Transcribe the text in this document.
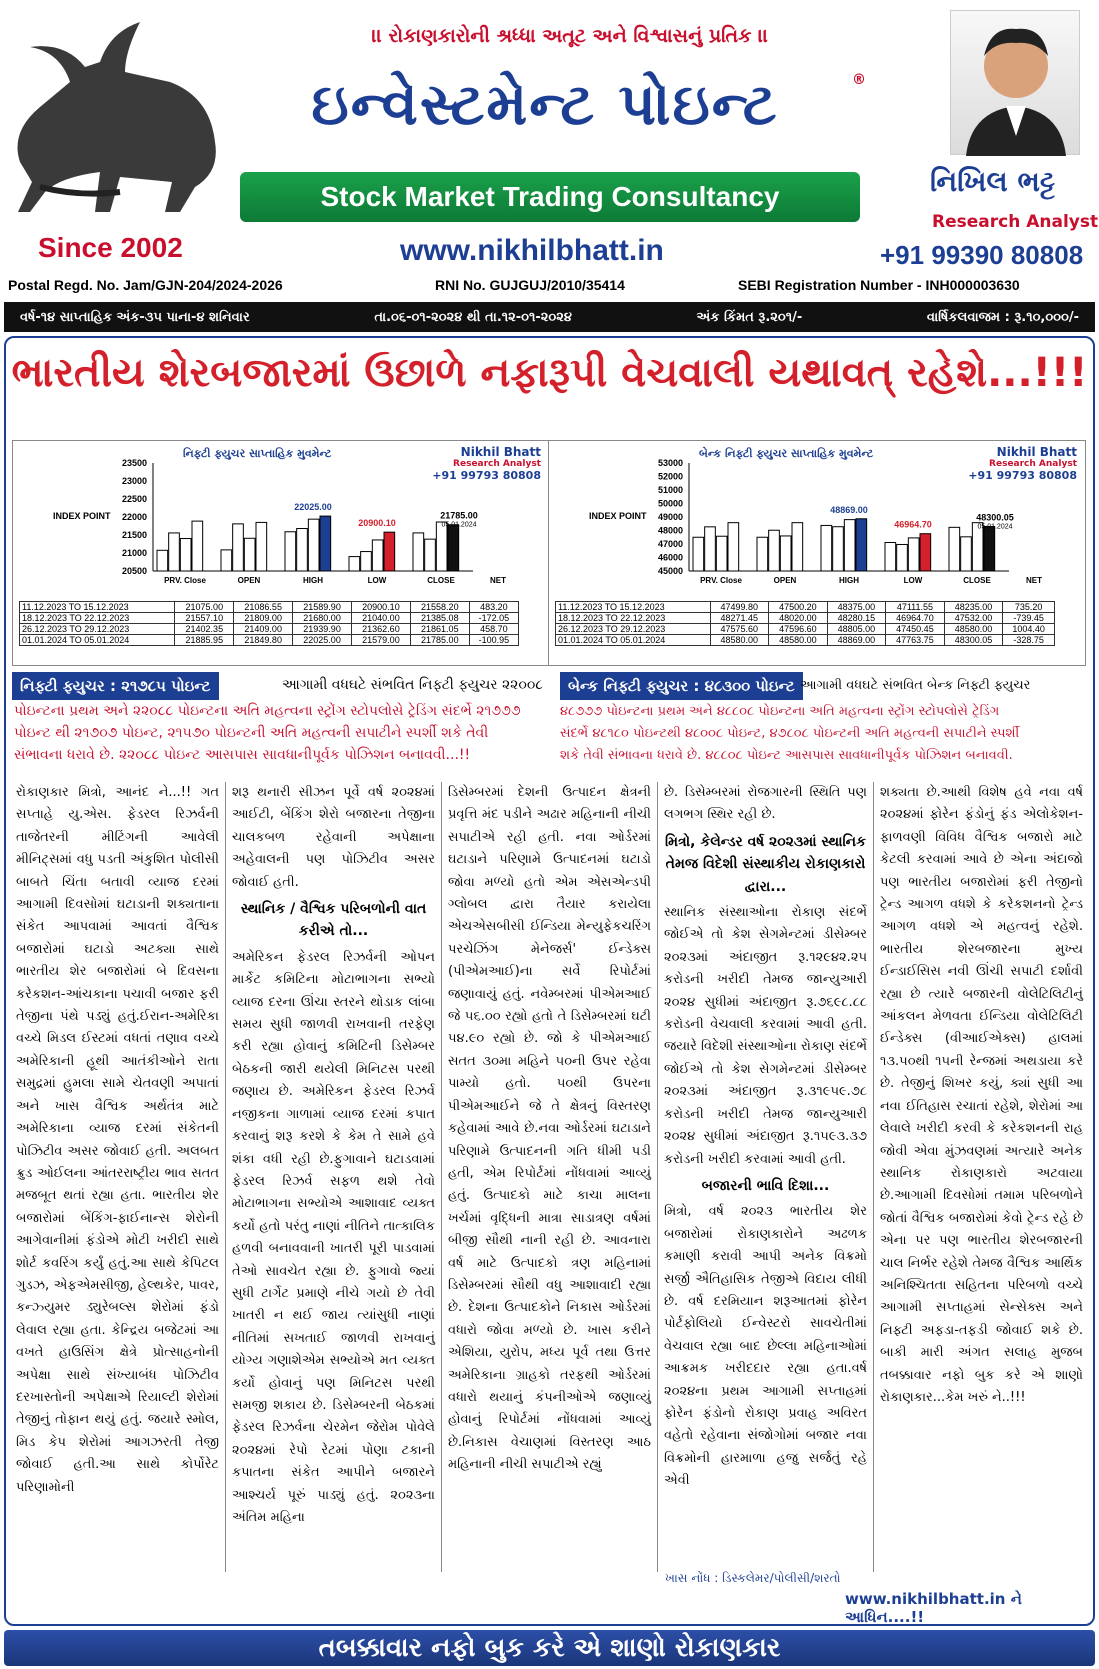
।। રોકાણકારોની શ્રધ્ધા અતૂટ અને વિશ્વાસનું પ્રતિક ।।
ઇન્વેસ્ટમેન્ટ પોઇન્ટ	®
Stock Market Trading Consultancy
www.nikhilbhatt.in
Since 2002
નિખિલ ભટ્ટ
Research Analyst
+91 99390 80808
Postal Regd. No. Jam/GJN-204/2024-2026	RNI No. GUJGUJ/2010/35414	SEBI Registration Number - INH000003630
વર્ષ-૧૪ સાપ્તાહિક અંક-૩૫ પાના-૪ શનિવાર	તા.૦૬-૦૧-૨૦૨૪ થી તા.૧૨-૦૧-૨૦૨૪	અંક કિંમત રૂ.૨૦૧/-	વાર્ષિકલવાજમ : રૂ.૧૦,૦૦૦/-
ભારતીય શેરબજારમાં ઉછાળે નફારૂપી વેચવાલી યથાવત્ રહેશે...!!!
નિફ્ટી ફ્યુચર સાપ્તાહિક મુવમેન્ટ	Nikhil Bhatt
Research Analyst
+91 99793 80808
23500
23000
22500
22000
21500
21000
20500
INDEX POINT
PRV. Close	OPEN	HIGH	LOW	CLOSE	NET
22025.00
20900.10
21785.00
05.01.2024
11.12.2023 TO 15.12.2023	21075.00	21086.55	21589.90	20900.10	21558.20	483.20
18.12.2023 TO 22.12.2023	21557.10	21809.00	21680.00	21040.00	21385.08	-172.05
26.12.2023 TO 29.12.2023	21402.35	21409.00	21939.90	21362.60	21861.05	458.70
01.01.2024 TO 05.01.2024	21885.95	21849.80	22025.00	21579.00	21785.00	-100.95
બેન્ક નિફ્ટી ફ્યુચર સાપ્તાહિક મુવમેન્ટ	Nikhil Bhatt
Research Analyst
+91 99793 80808
53000
52000
51000
50000
49000
48000
47000
46000
45000
INDEX POINT
PRV. Close	OPEN	HIGH	LOW	CLOSE	NET
48869.00
46964.70
48300.05
05.01.2024
11.12.2023 TO 15.12.2023	47499.80	47500.20	48375.00	47111.55	48235.00	735.20
18.12.2023 TO 22.12.2023	48271.45	48020.00	48280.15	46964.70	47532.00	-739.45
26.12.2023 TO 29.12.2023	47575.60	47596.60	48805.00	47450.45	48580.00	1004.40
01.01.2024 TO 05.01.2024	48580.00	48580.00	48869.00	47763.75	48300.05	-328.75
નિફ્ટી ફ્યુચર : ૨૧૭૮૫ પોઇન્ટ	આગામી વધઘટે સંભવિત નિફ્ટી ફ્યુચર ૨૨૦૦૮
પોઇન્ટના પ્રથમ અને ૨૨૦૮૮ પોઇન્ટના અતિ મહત્વના સ્ટ્રોંગ સ્ટોપલોસે ટ્રેડિંગ સંદર્ભે ૨૧૭૭૭
પોઇન્ટ થી ૨૧૭૦૭ પોઇન્ટ, ૨૧૫૭૦ પોઇન્ટની અતિ મહત્વની સપાટીને સ્પર્શી શકે તેવી
સંભાવના ધરાવે છે. ૨૨૦૮૮ પોઇન્ટ આસપાસ સાવધાનીપૂર્વક પોઝિશન બનાવવી...!!
બેન્ક નિફ્ટી ફ્યુચર : ૪૮૩૦૦ પોઇન્ટ આગામી વધઘટે સંભવિત બેન્ક નિફ્ટી ફ્યુચર
૪૮૭૭૭ પોઇન્ટના પ્રથમ અને ૪૮૮૦૮ પોઇન્ટના અતિ મહત્વના સ્ટ્રોંગ સ્ટોપલોસે ટ્રેડિંગ
સંદર્ભે ૪૮૧૮૦ પોઇન્ટથી ૪૮૦૦૮ પોઇન્ટ, ૪૭૮૦૮ પોઇન્ટની અતિ મહત્વની સપાટીને સ્પર્શી
શકે તેવી સંભાવના ધરાવે છે. ૪૮૮૦૮ પોઇન્ટ આસપાસ સાવધાનીપૂર્વક પોઝિશન બનાવવી.

રોકાણકાર મિત્રો, આનંદ ને...!! ગત સપ્તાહે યુ.એસ. ફેડરલ રિઝર્વની તાજેતરની મીટિંગની આવેલી મીનિટ્સમાં વધુ પડતી અંકુશિત પોલીસી બાબતે ચિંતા બતાવી વ્યાજ દરમાં આગામી દિવસોમાં ઘટાડાની શક્યતાના સંકેત આપવામાં આવતાં વૈશ્વિક બજારોમાં ઘટાડો અટક્યા સાથે ભારતીય શેર બજારોમાં બે દિવસના કરેકશન-આંચકાના પચાવી બજાર ફરી તેજીના પંથે પડ્યું હતું.ઈરાન-અમેરિકા વચ્ચે મિડલ ઈસ્ટમાં વધતાં તણાવ વચ્ચે અમેરિકાની હૂથી આતંકીઓને રાતા સમુદ્રમાં હુમલા સામે ચેતવણી અપાતાં અને ખાસ વૈશ્વિક અર્થતંત્ર માટે અમેરિકાના વ્યાજ દરમાં સંકેતની પોઝિટીવ અસર જોવાઈ હતી. અલબત ક્રુડ ઓઈલના આંતરરાષ્ટ્રીય ભાવ સતત મજબૂત થતાં રહ્યા હતા. ભારતીય શેર બજારોમાં બેંકિંગ-ફાઈનાન્સ શેરોની આગેવાનીમાં ફંડોએ મોટી ખરીદી સાથે શોર્ટ કવરિંગ કર્યું હતું.આ સાથે કેપિટલ ગુડઝ, એફએમસીજી, હેલ્થકેર, પાવર, કન્ઝ્યુમર ડ્યુરેબલ્સ શેરોમાં ફંડો લેવાલ રહ્યા હતા. કેન્દ્રિય બજેટમાં આ વખતે હાઉસિંગ ક્ષેત્રે પ્રોત્સાહનોની અપેક્ષા સાથે સંખ્યાબંધ પોઝિટીવ દરખાસ્તોની અપેક્ષાએ રિયાલ્ટી શેરોમાં તેજીનું તોફાન થયું હતું. જયારે સ્મોલ, મિડ કેપ શેરોમાં આગઝરતી તેજી જોવાઈ હતી.આ સાથે કોર્પોરેટ પરિણામોની

શરૂ થનારી સીઝન પૂર્વે વર્ષ ૨૦૨૪માં આઈટી, બેંકિંગ શેરો બજારના તેજીના ચાલકબળ રહેવાની અપેક્ષાના અહેવાલની પણ પોઝિટીવ અસર જોવાઈ હતી.

સ્થાનિક / વૈશ્વિક પરિબળોની વાત કરીએ તો...

અમેરિકન ફેડરલ રિઝર્વની ઓપન માર્કેટ કમિટિના મોટાભાગના સભ્યો વ્યાજ દરના ઊંચા સ્તરને થોડાક લાંબા સમય સુધી જાળવી રાખવાની તરફેણ કરી રહ્યા હોવાનું કમિટિની ડિસેમ્બર બેઠકની જારી થયેલી મિનિટસ પરથી જણાય છે. અમેરિકન ફેડરલ રિઝર્વ નજીકના ગાળામાં વ્યાજ દરમાં કપાત કરવાનું શરૂ કરશે કે કેમ તે સામે હવે શંકા વધી રહી છે.ફુગાવાને ઘટાડવામાં ફેડરલ રિઝર્વ સફળ થશે તેવો મોટાભાગના સભ્યોએ આશાવાદ વ્યક્ત કર્યો હતો પરંતુ નાણાં નીતિને તાત્કાલિક હળવી બનાવવાની ખાતરી પૂરી પાડવામાં તેઓ સાવચેત રહ્યા છે. ફુગાવો જ્યાં સુધી ટાર્ગેટ પ્રમાણે નીચે ગયો છે તેવી ખાતરી ન થઈ જાય ત્યાંસુધી નાણાં નીતિમાં સખતાઈ જાળવી રાખવાનું યોગ્ય ગણાશેએમ સભ્યોએ મત વ્યક્ત કર્યો હોવાનું પણ મિનિટસ પરથી સમજી શકાય છે. ડિસેમ્બરની બેઠકમાં ફેડરલ રિઝર્વના ચેરમેન જેરોમ પોવેલે ૨૦૨૪માં રેપો રેટમાં પોણા ટકાની કપાતના સંકેત આપીને બજારને આશ્ચર્ય પૂરું પાડ્યું હતું. ૨૦૨૩ના અંતિમ મહિના

ડિસેમ્બરમાં દેશની ઉત્પાદન ક્ષેત્રની પ્રવૃત્તિ મંદ પડીને અઢાર મહિનાની નીચી સપાટીએ રહી હતી. નવા ઓર્ડરમાં ઘટાડાને પરિણામે ઉત્પાદનમાં ઘટાડો જોવા મળ્યો હતો એમ એસએન્ડપી ગ્લોબલ દ્વારા તૈયાર કરાયેલા એચએસબીસી ઈન્ડિયા મેન્યુફેકચરિંગ પરચેઝિંગ મેનેજર્સ' ઈન્ડેક્સ (પીએમઆઈ)ના સર્વે રિપોર્ટમાં જણાવાયું હતું. નવેમ્બરમાં પીએમઆઈ જે ૫૬.૦૦ રહ્યો હતો તે ડિસેમ્બરમાં ઘટી ૫૪.૯૦ રહ્યો છે. જો કે પીએમઆઈ સતત ૩૦મા મહિને ૫૦ની ઉપર રહેવા પામ્યો હતો. ૫૦થી ઉપરના પીએમઆઈને જે તે ક્ષેત્રનું વિસ્તરણ કહેવામાં આવે છે.નવા ઓર્ડરમાં ઘટાડાને પરિણામે ઉત્પાદનની ગતિ ધીમી પડી હતી, એમ રિપોર્ટમાં નોંધવામાં આવ્યું હતું. ઉત્પાદકો માટે કાચા માલના ખર્ચમાં વૃદ્ધિની માત્રા સાડાત્રણ વર્ષમાં બીજી સૌથી નાની રહી છે. આવનારા વર્ષ માટે ઉત્પાદકો ત્રણ મહિનામાં ડિસેમ્બરમાં સૌથી વધુ આશાવાદી રહ્યા છે. દેશના ઉત્પાદકોને નિકાસ ઓર્ડરમાં વધારો જોવા મળ્યો છે. ખાસ કરીને એશિયા, યુરોપ, મધ્ય પૂર્વ તથા ઉત્તર અમેરિકાના ગ્રાહકો તરફથી ઓર્ડરમાં વધારો થયાનું કંપનીઓએ જણાવ્યું હોવાનું રિપોર્ટમાં નોંધવામાં આવ્યું છે.નિકાસ વેચાણમાં વિસ્તરણ આઠ મહિનાની નીચી સપાટીએ રહ્યું

છે. ડિસેમ્બરમાં રોજગારની સ્થિતિ પણ લગભગ સ્થિર રહી છે.

મિત્રો, કેલેન્ડર વર્ષ ૨૦૨૩માં સ્થાનિક તેમજ વિદેશી સંસ્થાકીય રોકાણકારો દ્વારા...

સ્થાનિક સંસ્થાઓના રોકાણ સંદર્ભે જોઈએ તો કેશ સેગમેન્ટમાં ડીસેમ્બર ૨૦૨૩માં અંદાજીત રૂ.૧૨૯૪૨.૨૫ કરોડની ખરીદી તેમજ જાન્યુઆરી ૨૦૨૪ સુધીમાં અંદાજીત રૂ.૭૬૯૮.૮૮ કરોડની વેચવાલી કરવામાં આવી હતી. જયારે વિદેશી સંસ્થાઓના રોકાણ સંદર્ભે જોઈએ તો કેશ સેગમેન્ટમાં ડીસેમ્બર ૨૦૨૩માં અંદાજીત રૂ.૩૧૯૫૯.૭૮ કરોડની ખરીદી તેમજ જાન્યુઆરી ૨૦૨૪ સુધીમાં અંદાજીત રૂ.૧૫૯૩.૩૭ કરોડની ખરીદી કરવામાં આવી હતી.

બજારની ભાવિ દિશા...

મિત્રો, વર્ષ ૨૦૨૩ ભારતીય શેર બજારોમાં રોકાણકારોને અઢળક કમાણી કરાવી આપી અનેક વિક્રમો સર્જી ઐતિહાસિક તેજીએ વિદાય લીધી છે. વર્ષ દરમિયાન શરૂઆતમાં ફોરેન પોર્ટફોલિયો ઈન્વેસ્ટરો સાવચેતીમાં વેચવાલ રહ્યા બાદ છેલ્લા મહિનાઓમાં આક્રમક ખરીદદાર રહ્યા હતા.વર્ષ ૨૦૨૪ના પ્રથમ આગામી સપ્તાહમાં ફોરેન ફંડોનો રોકાણ પ્રવાહ અવિરત વહેતો રહેવાના સંજોગોમાં બજાર નવા વિક્રમોની હારમાળા હજુ સર્જતું રહે એવી

શક્યતા છે.આથી વિશેષ હવે નવા વર્ષ ૨૦૨૪માં ફોરેન ફંડોનું ફંડ એલોકેશન-ફાળવણી વિવિધ વૈશ્વિક બજારો માટે કેટલી કરવામાં આવે છે એના અંદાજો પણ ભારતીય બજારોમાં ફરી તેજીનો ટ્રેન્ડ આગળ વધશે કે કરેકશનનો ટ્રેન્ડ આગળ વધશે એ મહત્વનું રહેશે. ભારતીય શેરબજારના મુખ્ય ઈન્ડાઈસિસ નવી ઊંચી સપાટી દર્શાવી રહ્યા છે ત્યારે બજારની વોલેટિલિટીનું આંકલન મેળવતા ઈન્ડિયા વોલેટિલિટી ઈન્ડેક્સ (વીઆઈએક્સ) હાલમાં ૧૩.૫૦થી ૧૫ની રેન્જમાં અથડાયા કરે છે. તેજીનું શિખર કયું, ક્યાં સુધી આ નવા ઈતિહાસ રચાતાં રહેશે, શેરોમાં આ લેવાલે ખરીદી કરવી કે કરેકશનની રાહ જોવી એવા મુંઝવણમાં અત્યારે અનેક સ્થાનિક રોકાણકારો અટવાયા છે.આગામી દિવસોમાં તમામ પરિબળોને જોતાં વૈશ્વિક બજારોમાં કેવો ટ્રેન્ડ રહે છે એના પર પણ ભારતીય શેરબજારની ચાલ નિર્ભર રહેશે તેમજ વૈશ્વિક આર્થિક અનિશ્ચિતતા સહિતના પરિબળો વચ્ચે આગામી સપ્તાહમાં સેન્સેક્સ અને નિફ્ટી અફડા-તફડી જોવાઈ શકે છે. બાકી મારી અંગત સલાહ મુજબ તબક્કાવાર નફો બુક કરે એ શાણો રોકાણકાર...કેમ ખરું ને..!!!

ખાસ નોંધ : ડિસ્કલેમર/પોલીસી/શરતો
www.nikhilbhatt.in ને આધિન....!!
તબક્કાવાર નફો બુક કરે એ શાણો રોકાણકાર
